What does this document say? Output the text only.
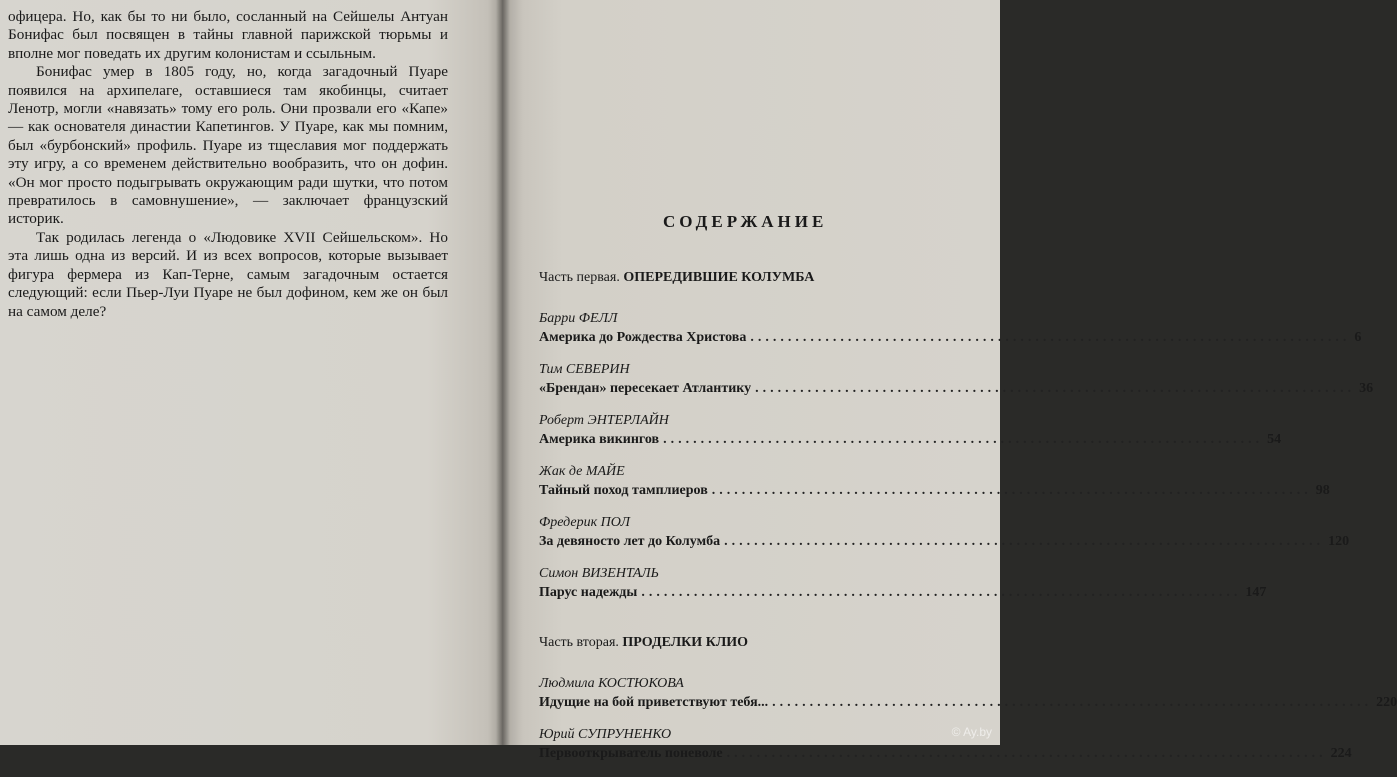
офицера. Но, как бы то ни было, сосланный на Сейшелы Антуан Бонифас был посвящен в тайны главной парижской тюрьмы и вполне мог поведать их другим колонистам и ссыльным.

Бонифас умер в 1805 году, но, когда загадочный Пуаре появился на архипелаге, оставшиеся там якобинцы, считает Ленотр, могли «навязать» тому его роль. Они прозвали его «Капе» — как основателя династии Капетингов. У Пуаре, как мы помним, был «бурбонский» профиль. Пуаре из тщеславия мог поддержать эту игру, а со временем действительно вообразить, что он дофин. «Он мог просто подыгрывать окружающим ради шутки, что потом превратилось в самовнушение», — заключает французский историк.

Так родилась легенда о «Людовике XVII Сейшельском». Но эта лишь одна из версий. И из всех вопросов, которые вызывает фигура фермера из Кап-Терне, самым загадочным остается следующий: если Пьер-Луи Пуаре не был дофином, кем же он был на самом деле?

СОДЕРЖАНИЕ
Часть первая. ОПЕРЕДИВШИЕ КОЛУМБА
Барри ФЕЛЛ
Америка до Рождества Христова ................................................................................ 6
Тим СЕВЕРИН
«Брендан» пересекает Атлантику ................................................................................ 36
Роберт ЭНТЕРЛАЙН
Америка викингов ................................................................................ 54
Жак де МАЙЕ
Тайный поход тамплиеров ................................................................................ 98
Фредерик ПОЛ
За девяносто лет до Колумба ................................................................................ 120
Симон ВИЗЕНТАЛЬ
Парус надежды ................................................................................ 147
Часть вторая. ПРОДЕЛКИ КЛИО
Людмила КОСТЮКОВА
Идущие на бой приветствуют тебя... ................................................................................ 220
Юрий СУПРУНЕНКО
Первооткрыватель поневоле ................................................................................ 224
© Ay.by
